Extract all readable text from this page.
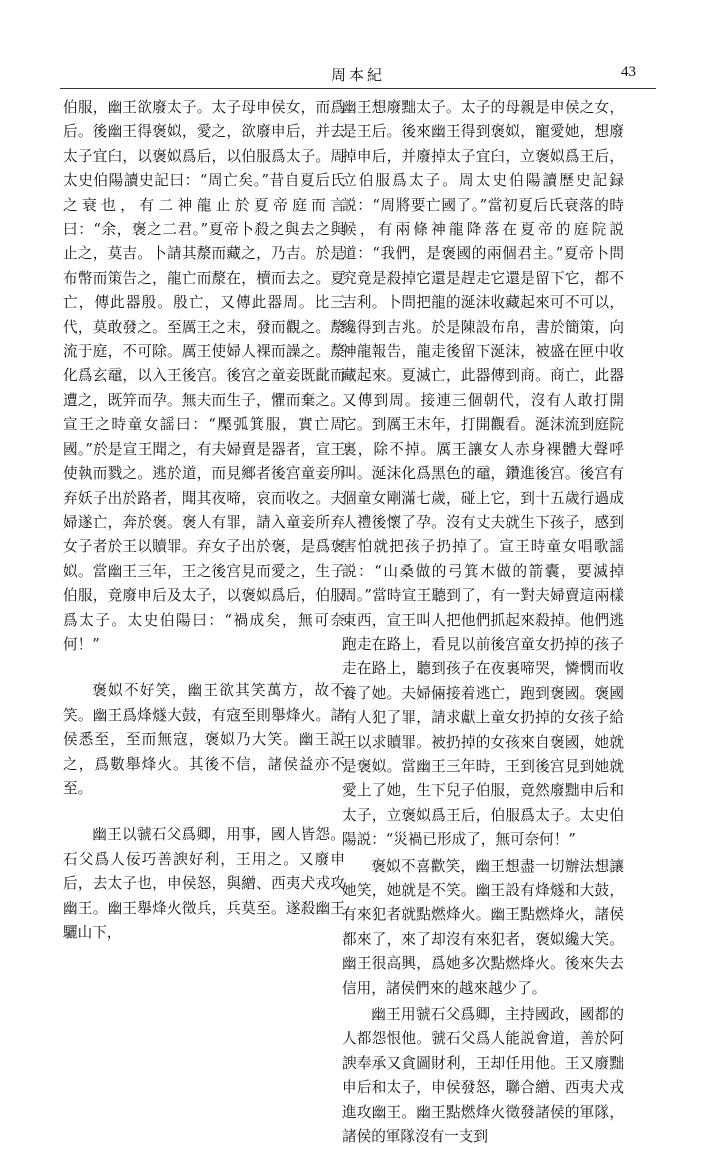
周本紀	43

伯服，幽王欲廢太子。太子母申侯女，而爲后。後幽王得褒姒，愛之，欲廢申后，并去太子宜臼，以褒姒爲后，以伯服爲太子。周太史伯陽讀史記曰：“周亡矣。”昔自夏后氏之衰也，有二神龍止於夏帝庭而言曰：“余，褒之二君。”夏帝卜殺之與去之與止之，莫吉。卜請其漦而藏之，乃吉。於是布幣而策告之，龍亡而漦在，櫝而去之。夏亡，傳此器殷。殷亡，又傳此器周。比三代，莫敢發之。至厲王之末，發而觀之。漦流于庭，不可除。厲王使婦人裸而譟之。漦化爲玄黿，以入王後宫。後宫之童妾既齔而遭之，既笄而孕。無夫而生子，懼而棄之。宣王之時童女謡曰：“檿弧箕服，實亡周國。”於是宣王聞之，有夫婦賣是器者，宣王使執而戮之。逃於道，而見鄉者後宫童妾所弃妖子出於路者，聞其夜啼，哀而收之。夫婦遂亡，奔於褒。褒人有罪，請入童妾所弃女子者於王以贖罪。弃女子出於褒，是爲褒姒。當幽王三年，王之後宫見而愛之，生子伯服，竟廢申后及太子，以褒姒爲后，伯服爲太子。太史伯陽曰：“禍成矣，無可奈何！”

褒姒不好笑，幽王欲其笑萬方，故不笑。幽王爲烽燧大鼓，有寇至則舉烽火。諸侯悉至，至而無寇，褒姒乃大笑。幽王説之，爲數舉烽火。其後不信，諸侯益亦不至。

幽王以虢石父爲卿，用事，國人皆怨。石父爲人佞巧善諛好利，王用之。又廢申后，去太子也，申侯怒，與繒、西夷犬戎攻幽王。幽王舉烽火徵兵，兵莫至。遂殺幽王驪山下，

幽王想廢黜太子。太子的母親是申侯之女，是王后。後來幽王得到褒姒，寵愛她，想廢掉申后，并廢掉太子宜臼，立褒姒爲王后，立伯服爲太子。周太史伯陽讀歷史記録説：“周將要亡國了。”當初夏后氏衰落的時候，有兩條神龍降落在夏帝的庭院説道：“我們，是褒國的兩個君主。”夏帝卜問究竟是殺掉它還是趕走它還是留下它，都不吉利。卜問把龍的涎沫收藏起來可不可以，纔得到吉兆。於是陳設布帛，書於簡策，向神龍報告，龍走後留下涎沫，被盛在匣中收藏起來。夏滅亡，此器傳到商。商亡，此器又傳到周。接連三個朝代，沒有人敢打開它。到厲王末年，打開觀看。涎沫流到庭院裏，除不掉。厲王讓女人赤身裸體大聲呼叫。涎沫化爲黑色的黿，鑽進後宫。後宫有個童女剛滿七歲，碰上它，到十五歲行過成人禮後懷了孕。沒有丈夫就生下孩子，感到害怕就把孩子扔掉了。宣王時童女唱歌謡説：“山桑做的弓箕木做的箭囊，要滅掉周。”當時宣王聽到了，有一對夫婦賣這兩樣東西，宣王叫人把他們抓起來殺掉。他們逃跑走在路上，看見以前後宫童女扔掉的孩子走在路上，聽到孩子在夜裏啼哭，憐憫而收養了她。夫婦倆接着逃亡，跑到褒國。褒國有人犯了罪，請求獻上童女扔掉的女孩子給王以求贖罪。被扔掉的女孩來自褒國，她就是褒姒。當幽王三年時，王到後宫見到她就愛上了她，生下兒子伯服，竟然廢黜申后和太子，立褒姒爲王后，伯服爲太子。太史伯陽説：“災禍已形成了，無可奈何！”

褒姒不喜歡笑，幽王想盡一切辦法想讓她笑，她就是不笑。幽王設有烽燧和大鼓，有來犯者就點燃烽火。幽王點燃烽火，諸侯都來了，來了却沒有來犯者，褒姒纔大笑。幽王很高興，爲她多次點燃烽火。後來失去信用，諸侯們來的越來越少了。

幽王用虢石父爲卿，主持國政，國都的人都怨恨他。虢石父爲人能説會道，善於阿諛奉承又貪圖財利，王却任用他。王又廢黜申后和太子，申侯發怒，聯合繒、西夷犬戎進攻幽王。幽王點燃烽火徵發諸侯的軍隊，諸侯的軍隊沒有一支到
